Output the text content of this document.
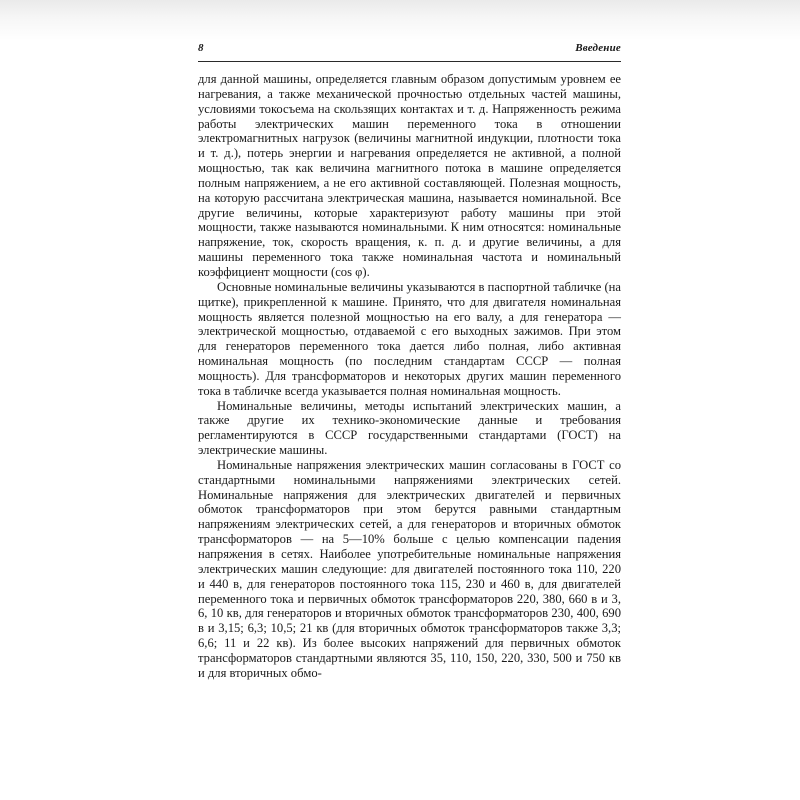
8	Введение

для данной машины, определяется главным образом допустимым уровнем ее нагревания, а также механической прочностью отдельных частей машины, условиями токосъема на скользящих контактах и т. д. Напряженность режима работы электрических машин переменного тока в отношении электромагнитных нагрузок (величины магнитной индукции, плотности тока и т. д.), потерь энергии и нагревания определяется не активной, а полной мощностью, так как величина магнитного потока в машине определяется полным напряжением, а не его активной составляющей. Полезная мощность, на которую рассчитана электрическая машина, называется номинальной. Все другие величины, которые характеризуют работу машины при этой мощности, также называются номинальными. К ним относятся: номинальные напряжение, ток, скорость вращения, к. п. д. и другие величины, а для машины переменного тока также номинальная частота и номинальный коэффициент мощности (cos φ).

Основные номинальные величины указываются в паспортной табличке (на щитке), прикрепленной к машине. Принято, что для двигателя номинальная мощность является полезной мощностью на его валу, а для генератора — электрической мощностью, отдаваемой с его выходных зажимов. При этом для генераторов переменного тока дается либо полная, либо активная номинальная мощность (по последним стандартам СССР — полная мощность). Для трансформаторов и некоторых других машин переменного тока в табличке всегда указывается полная номинальная мощность.

Номинальные величины, методы испытаний электрических машин, а также другие их технико-экономические данные и требования регламентируются в СССР государственными стандартами (ГОСТ) на электрические машины.

Номинальные напряжения электрических машин согласованы в ГОСТ со стандартными номинальными напряжениями электрических сетей. Номинальные напряжения для электрических двигателей и первичных обмоток трансформаторов при этом берутся равными стандартным напряжениям электрических сетей, а для генераторов и вторичных обмоток трансформаторов — на 5—10% больше с целью компенсации падения напряжения в сетях. Наиболее употребительные номинальные напряжения электрических машин следующие: для двигателей постоянного тока 110, 220 и 440 в, для генераторов постоянного тока 115, 230 и 460 в, для двигателей переменного тока и первичных обмоток трансформаторов 220, 380, 660 в и 3, 6, 10 кв, для генераторов и вторичных обмоток трансформаторов 230, 400, 690 в и 3,15; 6,3; 10,5; 21 кв (для вторичных обмоток трансформаторов также 3,3; 6,6; 11 и 22 кв). Из более высоких напряжений для первичных обмоток трансформаторов стандартными являются 35, 110, 150, 220, 330, 500 и 750 кв и для вторичных обмо-
